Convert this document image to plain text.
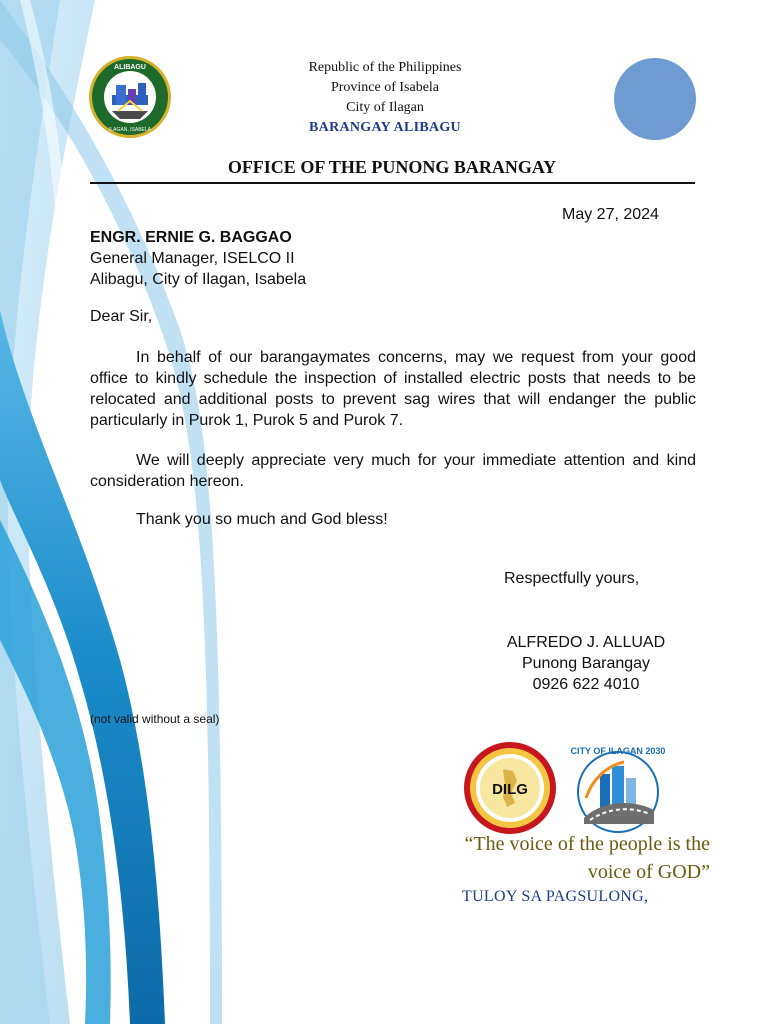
ALIBAGU
ILAGAN, ISABELA
Republic of the Philippines
Province of Isabela
City of Ilagan
BARANGAY ALIBAGU
OFFICE OF THE PUNONG BARANGAY
May 27, 2024
ENGR. ERNIE G. BAGGAO
General Manager, ISELCO II
Alibagu, City of Ilagan, Isabela
Dear Sir,
In behalf of our barangaymates concerns, may we request from your good office to kindly schedule the inspection of installed electric posts that needs to be relocated and additional posts to prevent sag wires that will endanger the public particularly in Purok 1, Purok 5 and Purok 7.
We will deeply appreciate very much for your immediate attention and kind consideration hereon.
Thank you so much and God bless!
Respectfully yours,
ALFREDO J. ALLUAD
Punong Barangay
0926 622 4010
(not valid without a seal)
DILG
CITY OF ILAGAN 2030
“The voice of the people is the
voice of GOD”
TULOY SA PAGSULONG,
